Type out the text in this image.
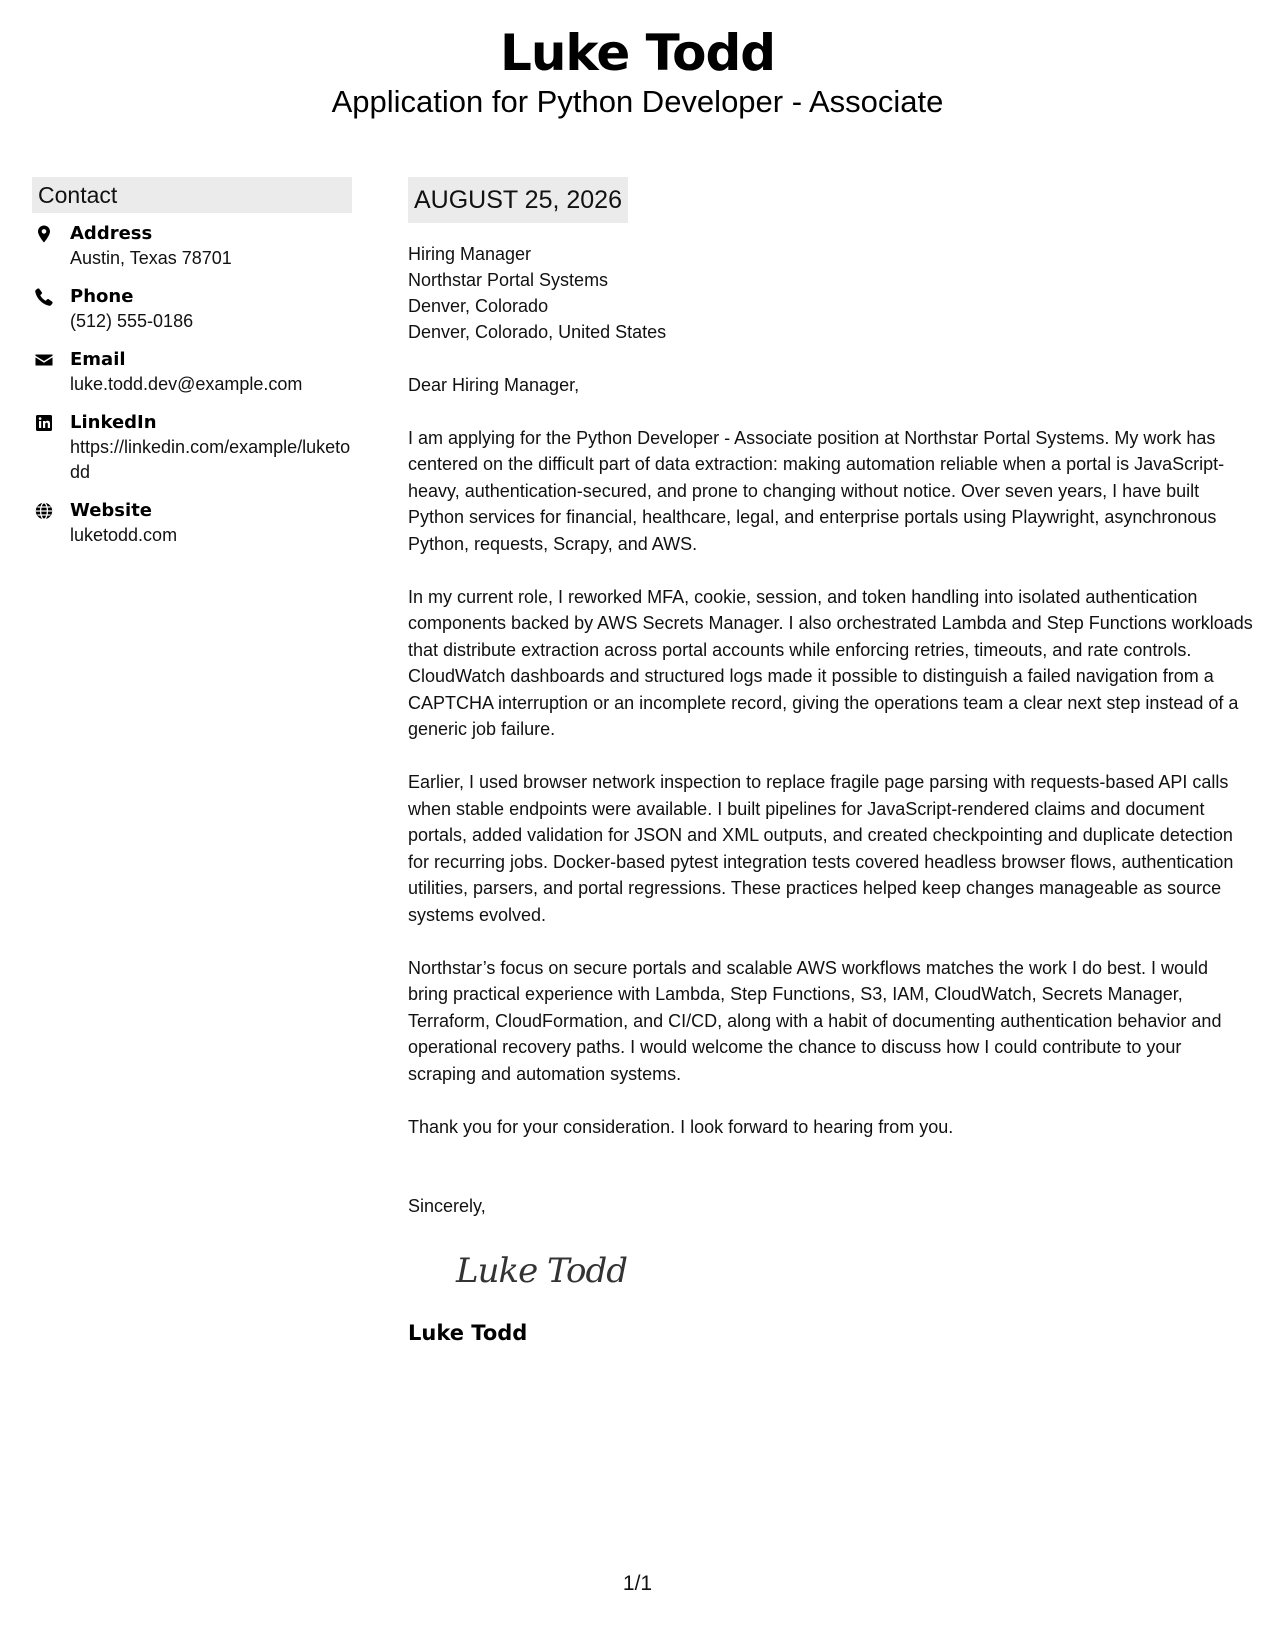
Luke Todd
Application for Python Developer - Associate
Contact
Address
Austin, Texas 78701
Phone
(512) 555-0186
Email
luke.todd.dev@example.com
LinkedIn
https://linkedin.com/example/luketodd
Website
luketodd.com
AUGUST 25, 2026
Hiring Manager
Northstar Portal Systems
Denver, Colorado
Denver, Colorado, United States
Dear Hiring Manager,
I am applying for the Python Developer - Associate position at Northstar Portal Systems. My work has centered on the difficult part of data extraction: making automation reliable when a portal is JavaScript-heavy, authentication-secured, and prone to changing without notice. Over seven years, I have built Python services for financial, healthcare, legal, and enterprise portals using Playwright, asynchronous Python, requests, Scrapy, and AWS.
In my current role, I reworked MFA, cookie, session, and token handling into isolated authentication components backed by AWS Secrets Manager. I also orchestrated Lambda and Step Functions workloads that distribute extraction across portal accounts while enforcing retries, timeouts, and rate controls. CloudWatch dashboards and structured logs made it possible to distinguish a failed navigation from a CAPTCHA interruption or an incomplete record, giving the operations team a clear next step instead of a generic job failure.
Earlier, I used browser network inspection to replace fragile page parsing with requests-based API calls when stable endpoints were available. I built pipelines for JavaScript-rendered claims and document portals, added validation for JSON and XML outputs, and created checkpointing and duplicate detection for recurring jobs. Docker-based pytest integration tests covered headless browser flows, authentication utilities, parsers, and portal regressions. These practices helped keep changes manageable as source systems evolved.
Northstar’s focus on secure portals and scalable AWS workflows matches the work I do best. I would bring practical experience with Lambda, Step Functions, S3, IAM, CloudWatch, Secrets Manager, Terraform, CloudFormation, and CI/CD, along with a habit of documenting authentication behavior and operational recovery paths. I would welcome the chance to discuss how I could contribute to your scraping and automation systems.
Thank you for your consideration. I look forward to hearing from you.
Sincerely,
Luke Todd
Luke Todd
1/1
